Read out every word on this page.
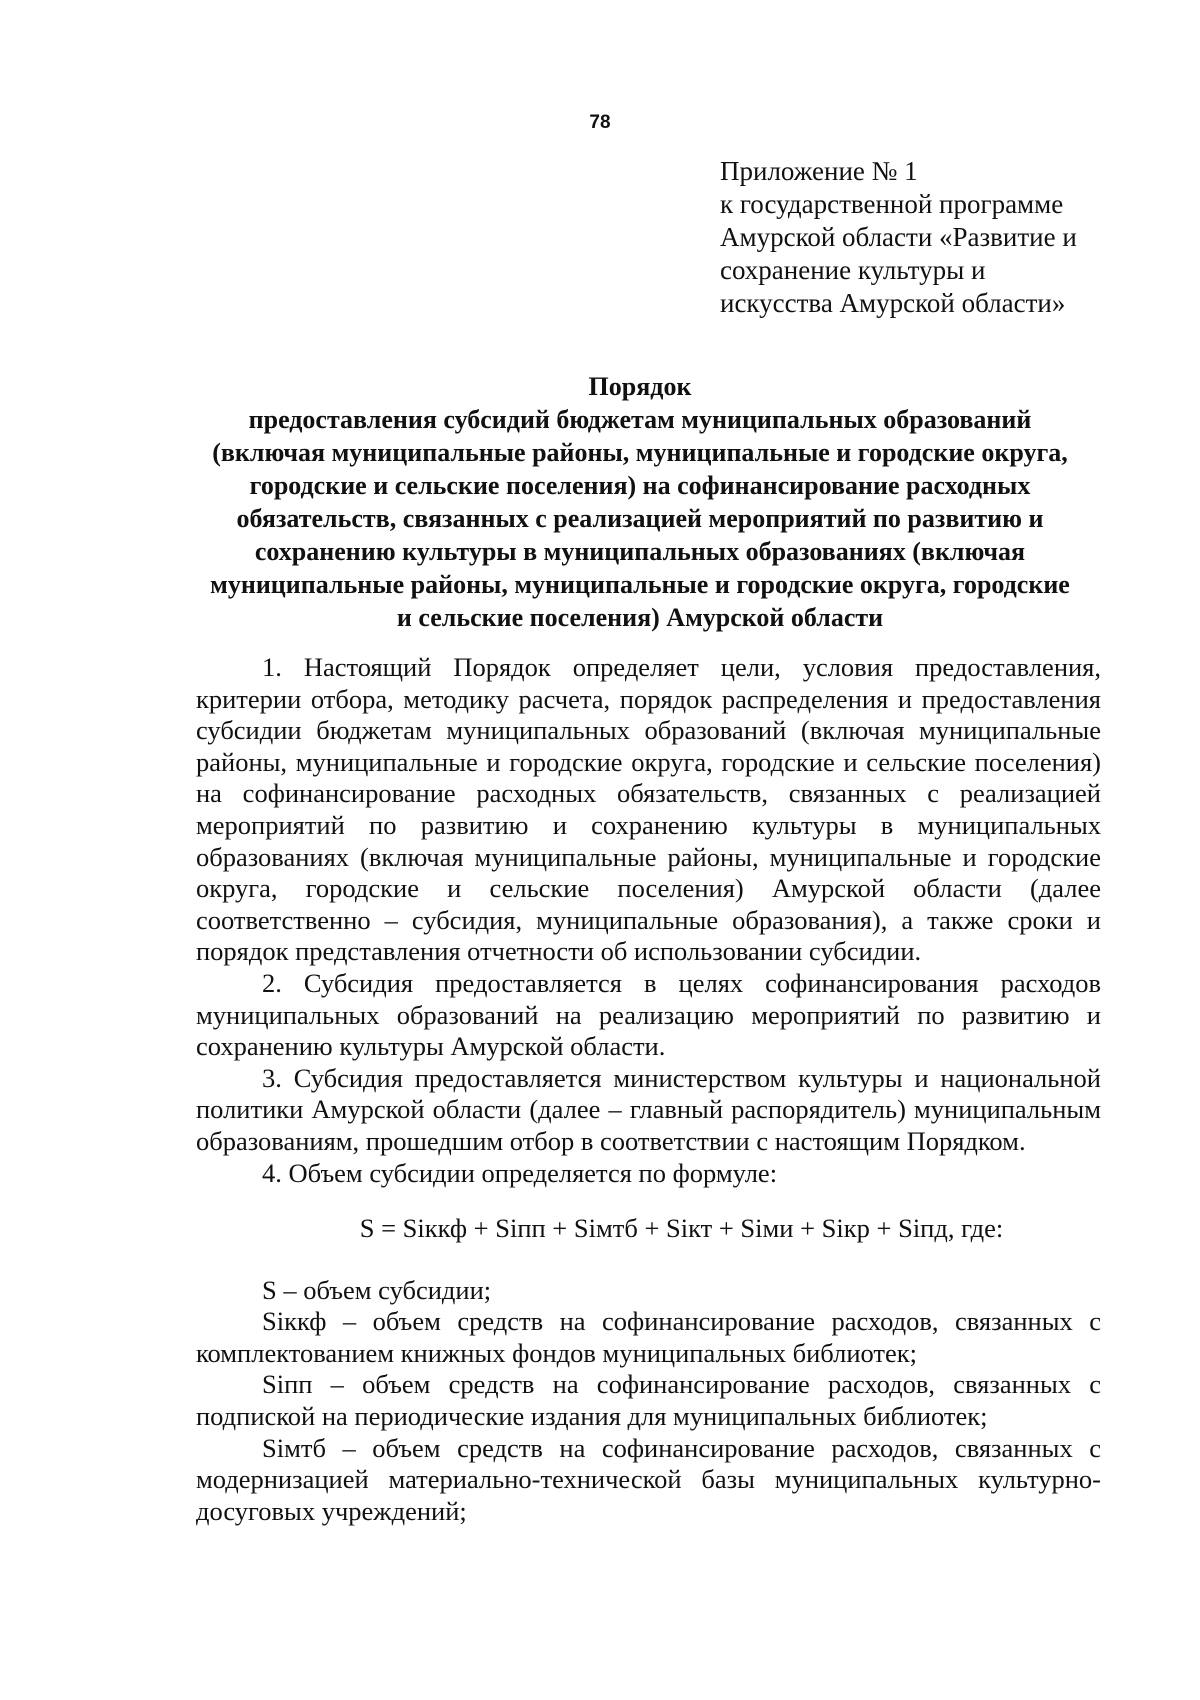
78
Приложение № 1
к государственной программе
Амурской области «Развитие и
сохранение культуры и
искусства Амурской области»
Порядок
предоставления субсидий бюджетам муниципальных образований
(включая муниципальные районы, муниципальные и городские округа,
городские и сельские поселения) на софинансирование расходных
обязательств, связанных с реализацией мероприятий по развитию и
сохранению культуры в муниципальных образованиях (включая
муниципальные районы, муниципальные и городские округа, городские
и сельские поселения) Амурской области

1. Настоящий Порядок определяет цели, условия предоставления, критерии отбора, методику расчета, порядок распределения и предоставления субсидии бюджетам муниципальных образований (включая муниципальные районы, муниципальные и городские округа, городские и сельские поселения) на софинансирование расходных обязательств, связанных с реализацией мероприятий по развитию и сохранению культуры в муниципальных образованиях (включая муниципальные районы, муниципальные и городские округа, городские и сельские поселения) Амурской области (далее соответственно – субсидия, муниципальные образования), а также сроки и порядок представления отчетности об использовании субсидии.

2. Субсидия предоставляется в целях софинансирования расходов муниципальных образований на реализацию мероприятий по развитию и сохранению культуры Амурской области.

3. Субсидия предоставляется министерством культуры и национальной политики Амурской области (далее – главный распорядитель) муниципальным образованиям, прошедшим отбор в соответствии с настоящим Порядком.

4. Объем субсидии определяется по формуле:

S = Siккф + Siпп + Siмтб + Siкт + Siми + Siкр + Siпд, где:

S – объем субсидии;

Siккф – объем средств на софинансирование расходов, связанных с комплектованием книжных фондов муниципальных библиотек;

Siпп – объем средств на софинансирование расходов, связанных с подпиской на периодические издания для муниципальных библиотек;

Siмтб – объем средств на софинансирование расходов, связанных с модернизацией материально-технической базы муниципальных культурно-досуговых учреждений;
